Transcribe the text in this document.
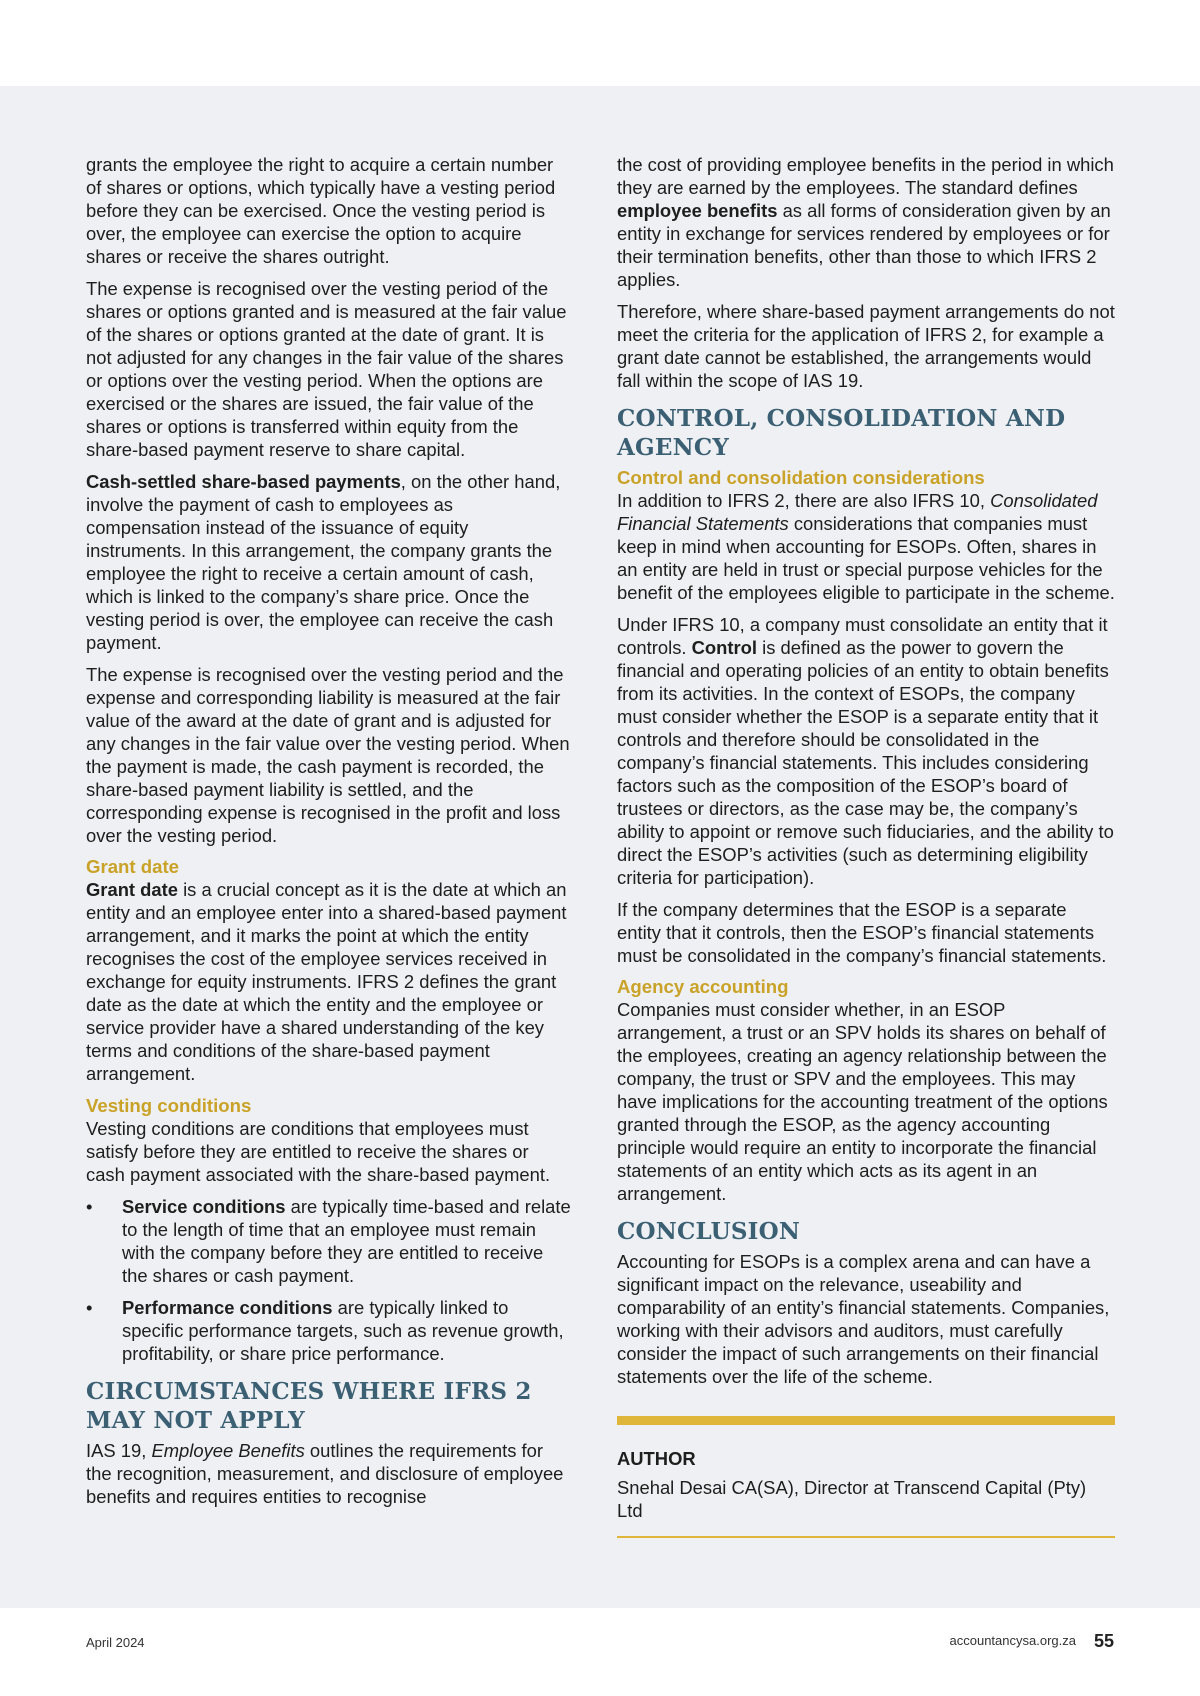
grants the employee the right to acquire a certain number of shares or options, which typically have a vesting period before they can be exercised. Once the vesting period is over, the employee can exercise the option to acquire shares or receive the shares outright.

The expense is recognised over the vesting period of the shares or options granted and is measured at the fair value of the shares or options granted at the date of grant. It is not adjusted for any changes in the fair value of the shares or options over the vesting period. When the options are exercised or the shares are issued, the fair value of the shares or options is transferred within equity from the share-based payment reserve to share capital.

Cash-settled share-based payments, on the other hand, involve the payment of cash to employees as compensation instead of the issuance of equity instruments. In this arrangement, the company grants the employee the right to receive a certain amount of cash, which is linked to the company’s share price. Once the vesting period is over, the employee can receive the cash payment.

The expense is recognised over the vesting period and the expense and corresponding liability is measured at the fair value of the award at the date of grant and is adjusted for any changes in the fair value over the vesting period. When the payment is made, the cash payment is recorded, the share-based payment liability is settled, and the corresponding expense is recognised in the profit and loss over the vesting period.

Grant date

Grant date is a crucial concept as it is the date at which an entity and an employee enter into a shared-based payment arrangement, and it marks the point at which the entity recognises the cost of the employee services received in exchange for equity instruments. IFRS 2 defines the grant date as the date at which the entity and the employee or service provider have a shared understanding of the key terms and conditions of the share-based payment arrangement.

Vesting conditions

Vesting conditions are conditions that employees must satisfy before they are entitled to receive the shares or cash payment associated with the share-based payment.

• Service conditions are typically time-based and relate to the length of time that an employee must remain with the company before they are entitled to receive the shares or cash payment.
• Performance conditions are typically linked to specific performance targets, such as revenue growth, profitability, or share price performance.
CIRCUMSTANCES WHERE IFRS 2 MAY NOT APPLY

IAS 19, Employee Benefits outlines the requirements for the recognition, measurement, and disclosure of employee benefits and requires entities to recognise

the cost of providing employee benefits in the period in which they are earned by the employees. The standard defines employee benefits as all forms of consideration given by an entity in exchange for services rendered by employees or for their termination benefits, other than those to which IFRS 2 applies.

Therefore, where share-based payment arrangements do not meet the criteria for the application of IFRS 2, for example a grant date cannot be established, the arrangements would fall within the scope of IAS 19.

CONTROL, CONSOLIDATION AND AGENCY
Control and consolidation considerations

In addition to IFRS 2, there are also IFRS 10, Consolidated Financial Statements considerations that companies must keep in mind when accounting for ESOPs. Often, shares in an entity are held in trust or special purpose vehicles for the benefit of the employees eligible to participate in the scheme.

Under IFRS 10, a company must consolidate an entity that it controls. Control is defined as the power to govern the financial and operating policies of an entity to obtain benefits from its activities. In the context of ESOPs, the company must consider whether the ESOP is a separate entity that it controls and therefore should be consolidated in the company’s financial statements. This includes considering factors such as the composition of the ESOP’s board of trustees or directors, as the case may be, the company’s ability to appoint or remove such fiduciaries, and the ability to direct the ESOP’s activities (such as determining eligibility criteria for participation).

If the company determines that the ESOP is a separate entity that it controls, then the ESOP’s financial statements must be consolidated in the company’s financial statements.

Agency accounting

Companies must consider whether, in an ESOP arrangement, a trust or an SPV holds its shares on behalf of the employees, creating an agency relationship between the company, the trust or SPV and the employees. This may have implications for the accounting treatment of the options granted through the ESOP, as the agency accounting principle would require an entity to incorporate the financial statements of an entity which acts as its agent in an arrangement.

CONCLUSION

Accounting for ESOPs is a complex arena and can have a significant impact on the relevance, useability and comparability of an entity’s financial statements. Companies, working with their advisors and auditors, must carefully consider the impact of such arrangements on their financial statements over the life of the scheme.

AUTHOR
Snehal Desai CA(SA), Director at Transcend Capital (Pty) Ltd
April 2024	accountancysa.org.za 55
